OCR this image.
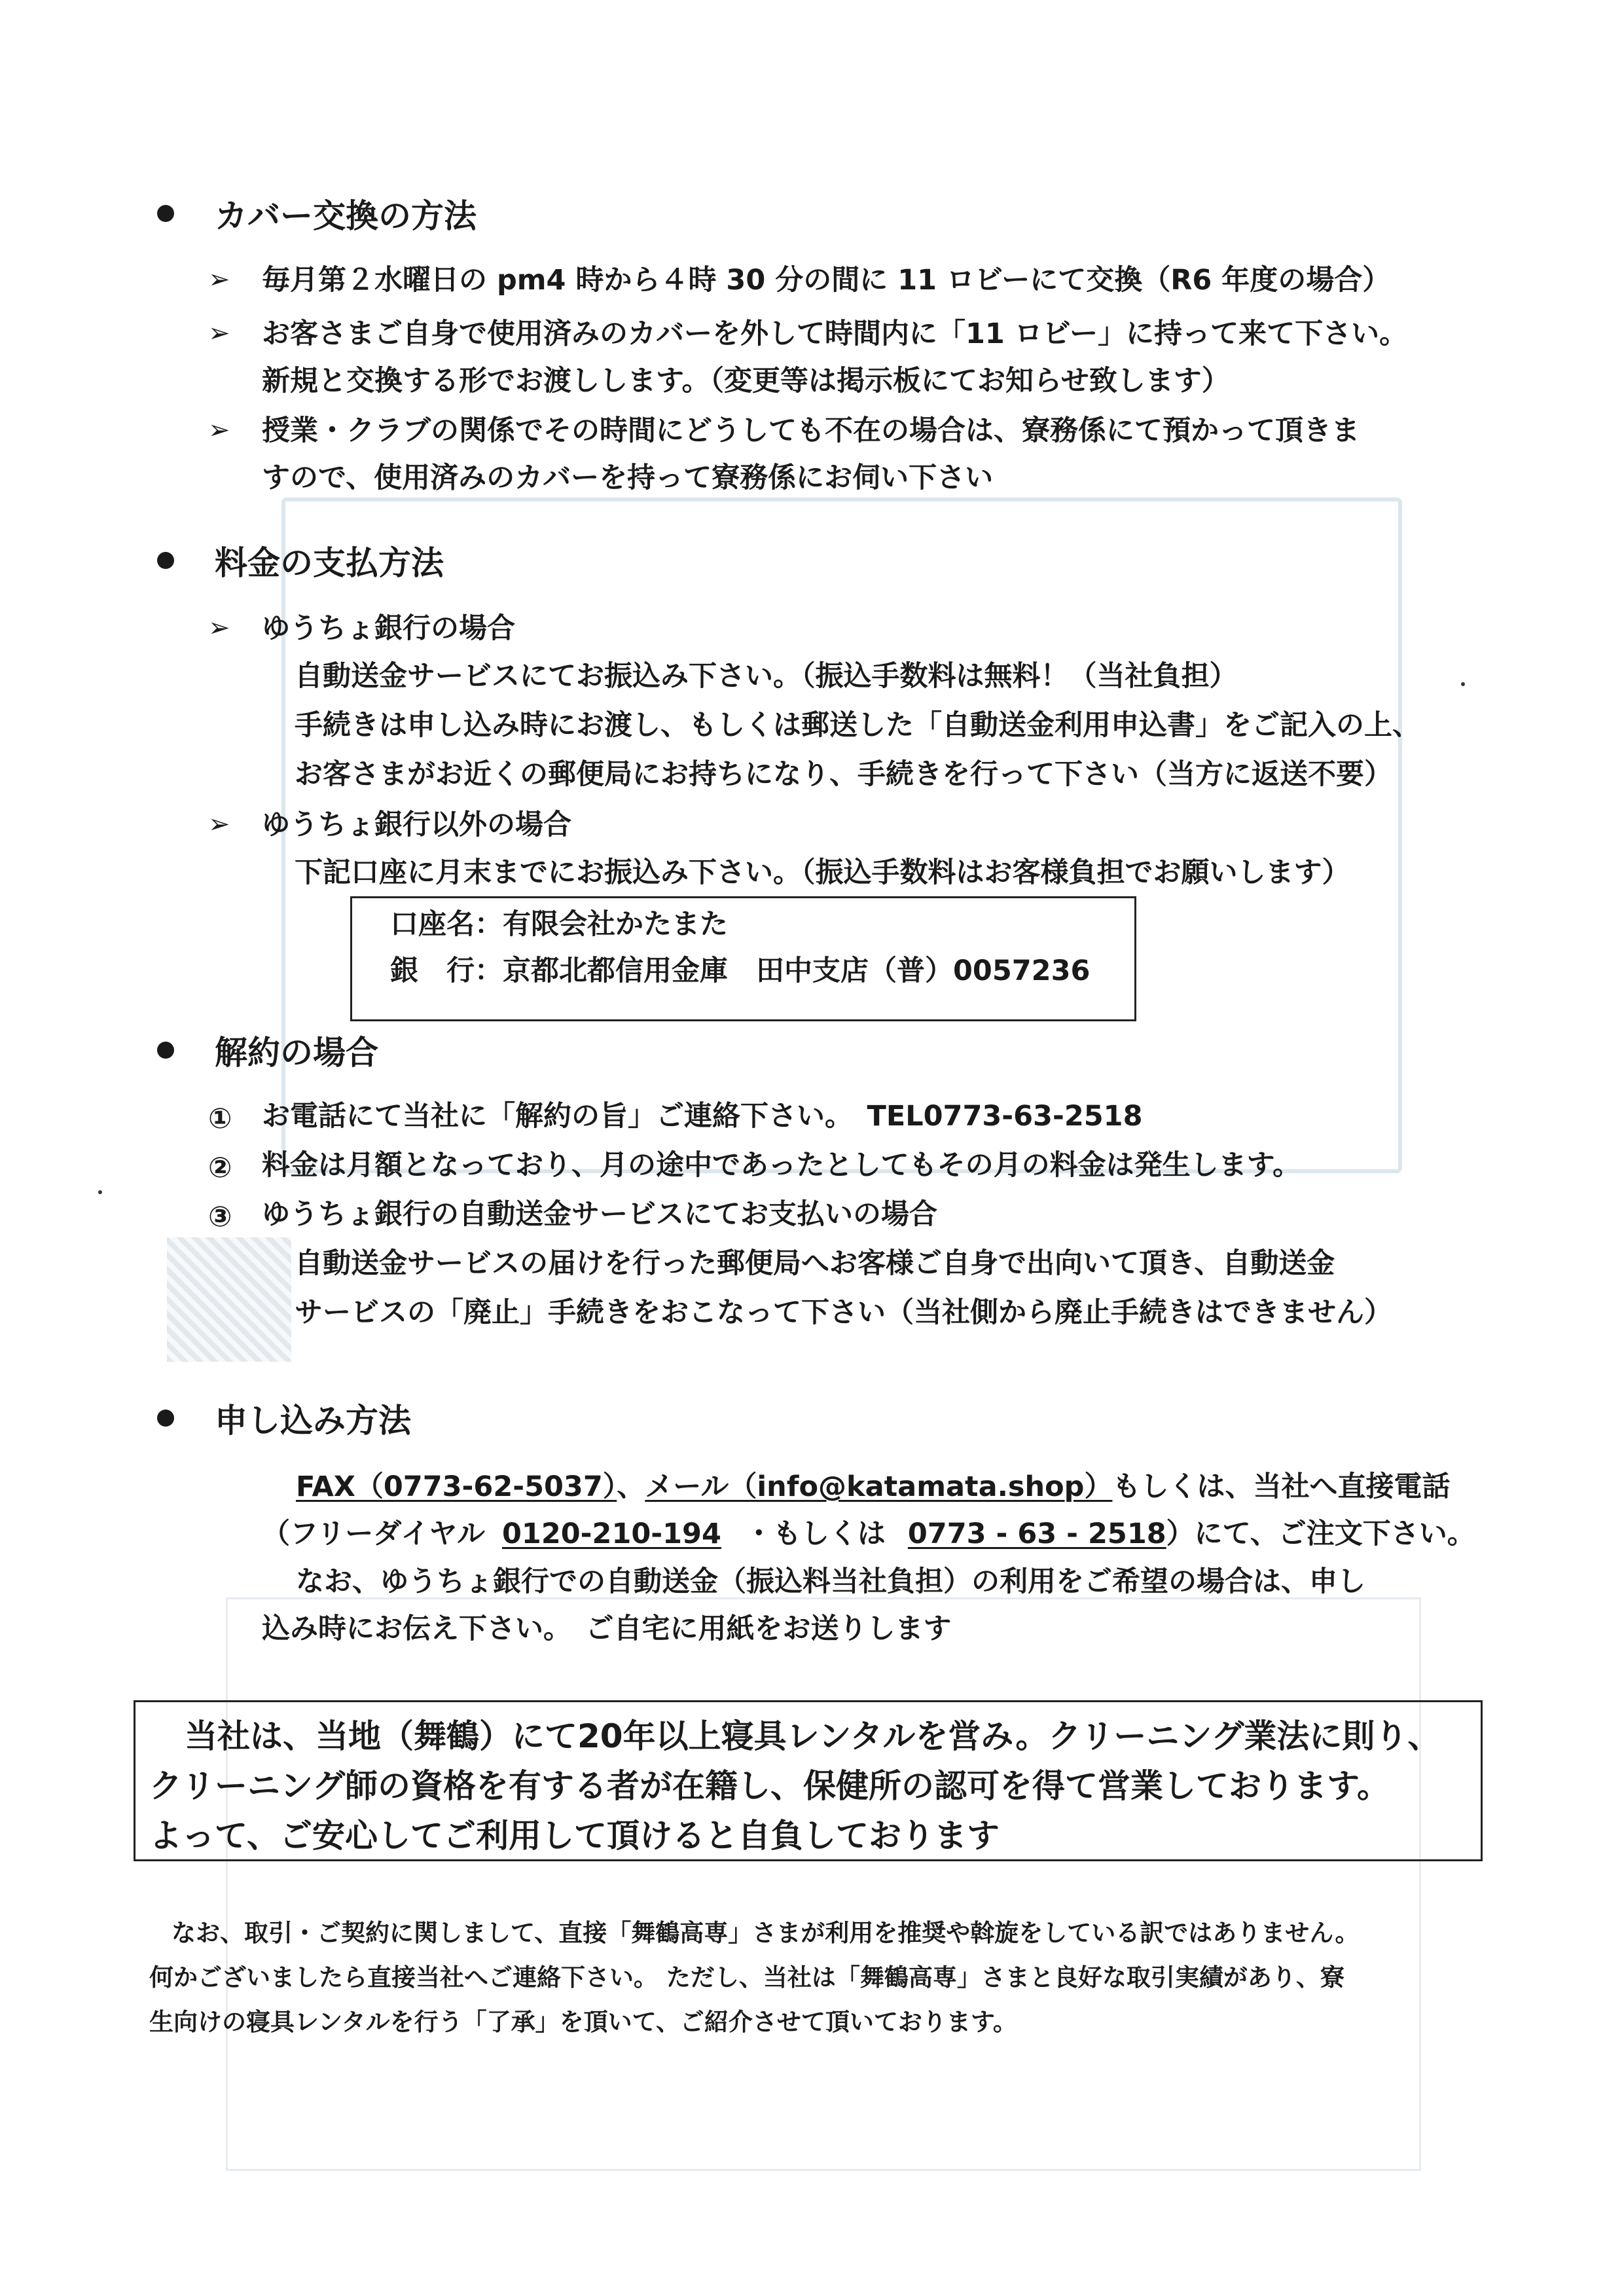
カバー交換の方法
➢ 毎月第２水曜日の pm4 時から４時 30 分の間に 11 ロビーにて交換（R6 年度の場合）
➢ お客さまご自身で使用済みのカバーを外して時間内に「11 ロビー」に持って来て下さい。
新規と交換する形でお渡しします。（変更等は掲示板にてお知らせ致します）
➢ 授業・クラブの関係でその時間にどうしても不在の場合は、寮務係にて預かって頂きま
すので、使用済みのカバーを持って寮務係にお伺い下さい
料金の支払方法
➢ ゆうちょ銀行の場合
自動送金サービスにてお振込み下さい。（振込手数料は無料！（当社負担）
手続きは申し込み時にお渡し、もしくは郵送した「自動送金利用申込書」をご記入の上、
お客さまがお近くの郵便局にお持ちになり、手続きを行って下さい（当方に返送不要）
➢ ゆうちょ銀行以外の場合
下記口座に月末までにお振込み下さい。（振込手数料はお客様負担でお願いします）
口座名：有限会社かたまた
銀　行：京都北都信用金庫　田中支店（普）0057236
解約の場合
① お電話にて当社に「解約の旨」ご連絡下さい。　TEL0773-63-2518
② 料金は月額となっており、月の途中であったとしてもその月の料金は発生します。
③ ゆうちょ銀行の自動送金サービスにてお支払いの場合
自動送金サービスの届けを行った郵便局へお客様ご自身で出向いて頂き、自動送金
サービスの「廃止」手続きをおこなって下さい（当社側から廃止手続きはできません）
申し込み方法
FAX（0773-62-5037）、メール（info@katamata.shop）もしくは、当社へ直接電話
（フリーダイヤル 0120-210-194 ・もしくは 0773 - 63 - 2518）にて、ご注文下さい。
なお、ゆうちょ銀行での自動送金（振込料当社負担）の利用をご希望の場合は、申し
込み時にお伝え下さい。　ご自宅に用紙をお送りします
当社は、当地（舞鶴）にて20年以上寝具レンタルを営み。クリーニング業法に則り、
クリーニング師の資格を有する者が在籍し、保健所の認可を得て営業しております。
よって、ご安心してご利用して頂けると自負しております
なお、取引・ご契約に関しまして、直接「舞鶴高専」さまが利用を推奨や斡旋をしている訳ではありません。
何かございましたら直接当社へご連絡下さい。 ただし、当社は「舞鶴高専」さまと良好な取引実績があり、寮
生向けの寝具レンタルを行う「了承」を頂いて、ご紹介させて頂いております。
